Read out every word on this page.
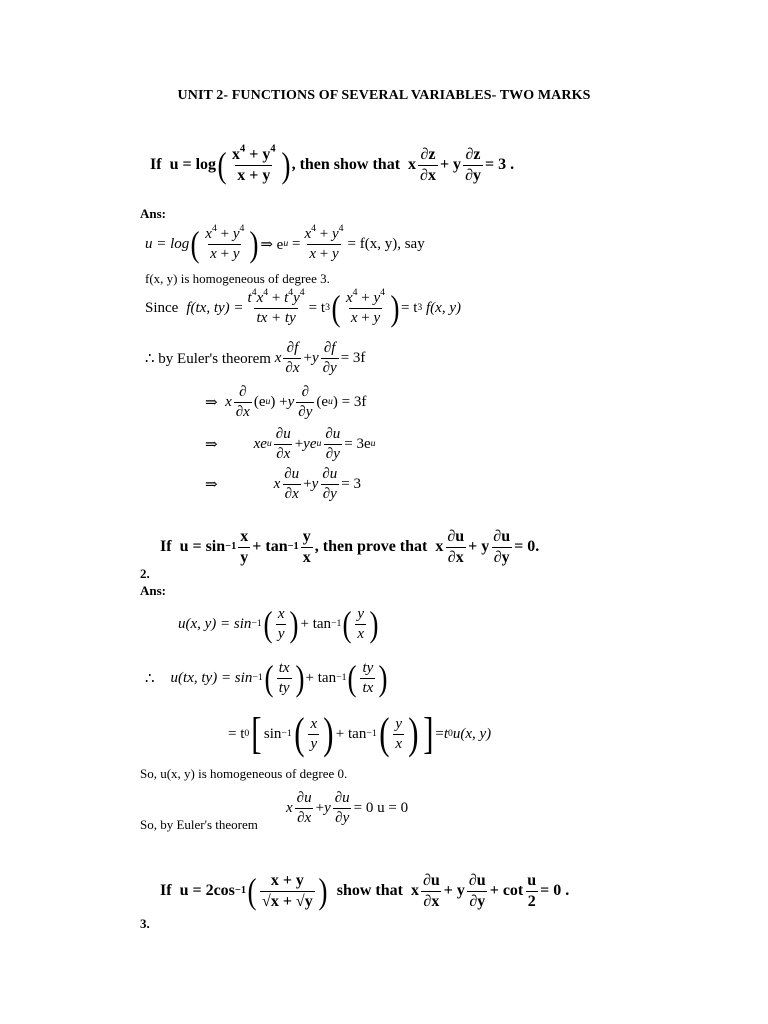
UNIT 2- FUNCTIONS OF SEVERAL VARIABLES- TWO MARKS
If u = log ( $x^4 + y^4$
x + y ) , then show that x
∂z
∂x
+ y $\frac{\partial z}{\partial y} = 3$ .
Ans:
u = log ( $x^4 + y^4$
x + y ) ⇒ e u
= $\frac{x^4 + y^4}{x + y} = f(x$, y), say
f(x, y) is homogeneous of degree 3.
Since f(tx, $ty) = \frac{t^4x^4 + t^4y^4}{tx + ty} = t$ 3 ( $x^4 + y^4$
x + y ) = t 3
f(x, y)
∴ by Euler's theorem
x
∂f
∂x
+ y $\frac{\partial f}{\partial y} = 3f$
⇒
x
∂
∂x
(e u ) + y
∂
∂y
(e u ) = 3f
⇒ xe u
∂u
∂x
+ ye u $\frac{\partial u}{\partial y} = 3e$ u
⇒	x
∂u
∂x
+ y $\frac{\partial u}{\partial y} = 3$
If u = sin −1
x
y
+ tan −1
y
x
, then prove that x
∂u
∂x
+ y $\frac{\partial u}{\partial y} = 0$.
2.
Ans:
u(x, y) = sin −1 ( x
y ) + tan −1 ( y
x )
∴ u(tx, ty) = sin −1 ( tx
ty ) + tan −1 ( ty
tx )
= t 0 [ sin −1 ( x
y ) + tan −1 ( y
x ) ] = t 0 u(x, y)
So, u(x, y) is homogeneous of degree 0.
x
∂u
∂x
+ y $\frac{\partial u}{\partial y} = 0$ u = 0
So, by Euler's theorem
If u = 2cos −1 ( x + y
√x + √y ) show that x
∂u
∂x
+ y
∂u
∂y
+ $\cot \frac{u}{2} = 0$ .
3.
